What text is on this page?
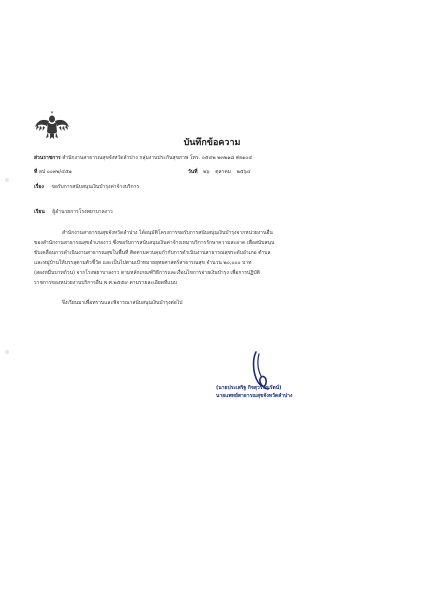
บันทึกข้อความ
ส่วนราชการ สำนักงานสาธารณสุขจังหวัดลำปาง กลุ่มงานประกันสุขภาพ โทร. ๐๕๔๒ ๒๓๒๑๘ ต่อ๑๐๔
ที่ ลป ๐๐๓๒/๔๕๑	วันที่ ๒๖ ตุลาคม ๒๕๖๔
เรื่อง ขอรับการสนับสนุนเงินบำรุงค่าจ้างบริการ
เรียน ผู้อำนวยการโรงพยาบาลงาว
สำนักงานสาธารณสุขจังหวัดลำปาง ได้อนุมัติโครงการขอรับการสนับสนุนเงินบำรุงจากหน่วยงานอื่น
ของสำนักงานสาธารณสุขอำเภองาว ซึ่งขอรับการสนับสนุนเงินค่าจ้างเหมาบริการรักษาความสะอาด เพื่อสนับสนุน
ขับเคลื่อนการดำเนินงานสาธารณสุขในพื้นที่ ติดตามควบคุมกำกับการดำเนินงานสาธารณสุขระดับอำเภอ ตำบล
และหมู่บ้านให้บรรลุตามตัวชี้วัด และเป็นไปตามเป้าหมายยุทธศาสตร์สาธารณสุข จำนวน ๒๐,๐๐๐ บาท
(สองหมื่นบาทถ้วน) จากโรงพยาบาลงาว ตามหลักเกณฑ์วิธีการและเงื่อนไขการจ่ายเงินบำรุง เพื่อการปฏิบัติ
ราชการของหน่วยงานบริการอื่น พ.ศ.๒๕๕๙ ตามรายละเอียดที่แนบ
จึงเรียนมาเพื่อทราบและพิจารณาสนับสนุนเงินบำรุงต่อไป
(นายประเสริฐ กิจสุวรรณรัตน์)
นายแพทย์สาธารณสุขจังหวัดลำปาง
